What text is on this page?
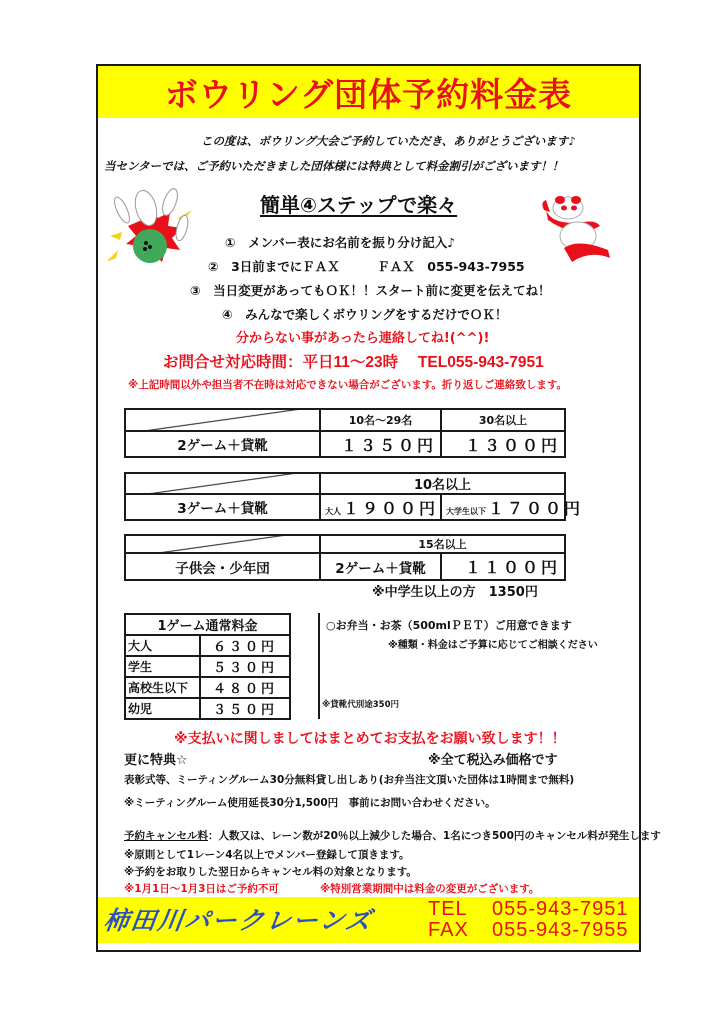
ボウリング団体予約料金表
この度は、ボウリング大会ご予約していただき、ありがとうございます♪
当センターでは、ご予約いただきました団体様には特典として料金割引がございます！！
簡単④ステップで楽々
①　メンバー表にお名前を振り分け記入♪
②　3日前までにＦＡＸ　　　ＦＡＸ　055-943-7955
③　当日変更があってもＯＫ！！スタート前に変更を伝えてね！
④　みんなで楽しくボウリングをするだけでＯＫ！
分からない事があったら連絡してね!(^^)!
お問合せ対応時間：平日11～23時　 TEL055-943-7951
※上記時間以外や担当者不在時は対応できない場合がございます。折り返しご連絡致します。
	10名～29名	30名以上
2ゲーム＋貸靴	１３５０円	１３００円
	10名以上	
3ゲーム＋貸靴	大人 １９００円	大学生以下 １７００円
	15名以上	
子供会・少年団	2ゲーム＋貸靴	１１００円
※中学生以上の方　1350円
1ゲーム通常料金	
大人	６３０円
学生	５３０円
高校生以下	４８０円
幼児	３５０円
○お弁当・お茶（500mlＰＥＴ）ご用意できます
※種類・料金はご予算に応じてご相談ください
※貸靴代別途350円
※支払いに関しましてはまとめてお支払をお願い致します！！
更に特典☆	※全て税込み価格です
表彰式等、ミーティングルーム30分無料貸し出しあり(お弁当注文頂いた団体は1時間まで無料)
※ミーティングルーム使用延長30分1,500円　事前にお問い合わせください。
予約キャンセル料：人数又は、レーン数が20％以上減少した場合、1名につき500円のキャンセル料が発生します
※原則として1レーン4名以上でメンバー登録して頂きます。
※予約をお取りした翌日からキャンセル料の対象となります。
※1月1日～1月3日はご予約不可	※特別営業期間中は料金の変更がございます。
柿田川パークレーンズ	TEL 055-943-7951
FAX 055-943-7955
